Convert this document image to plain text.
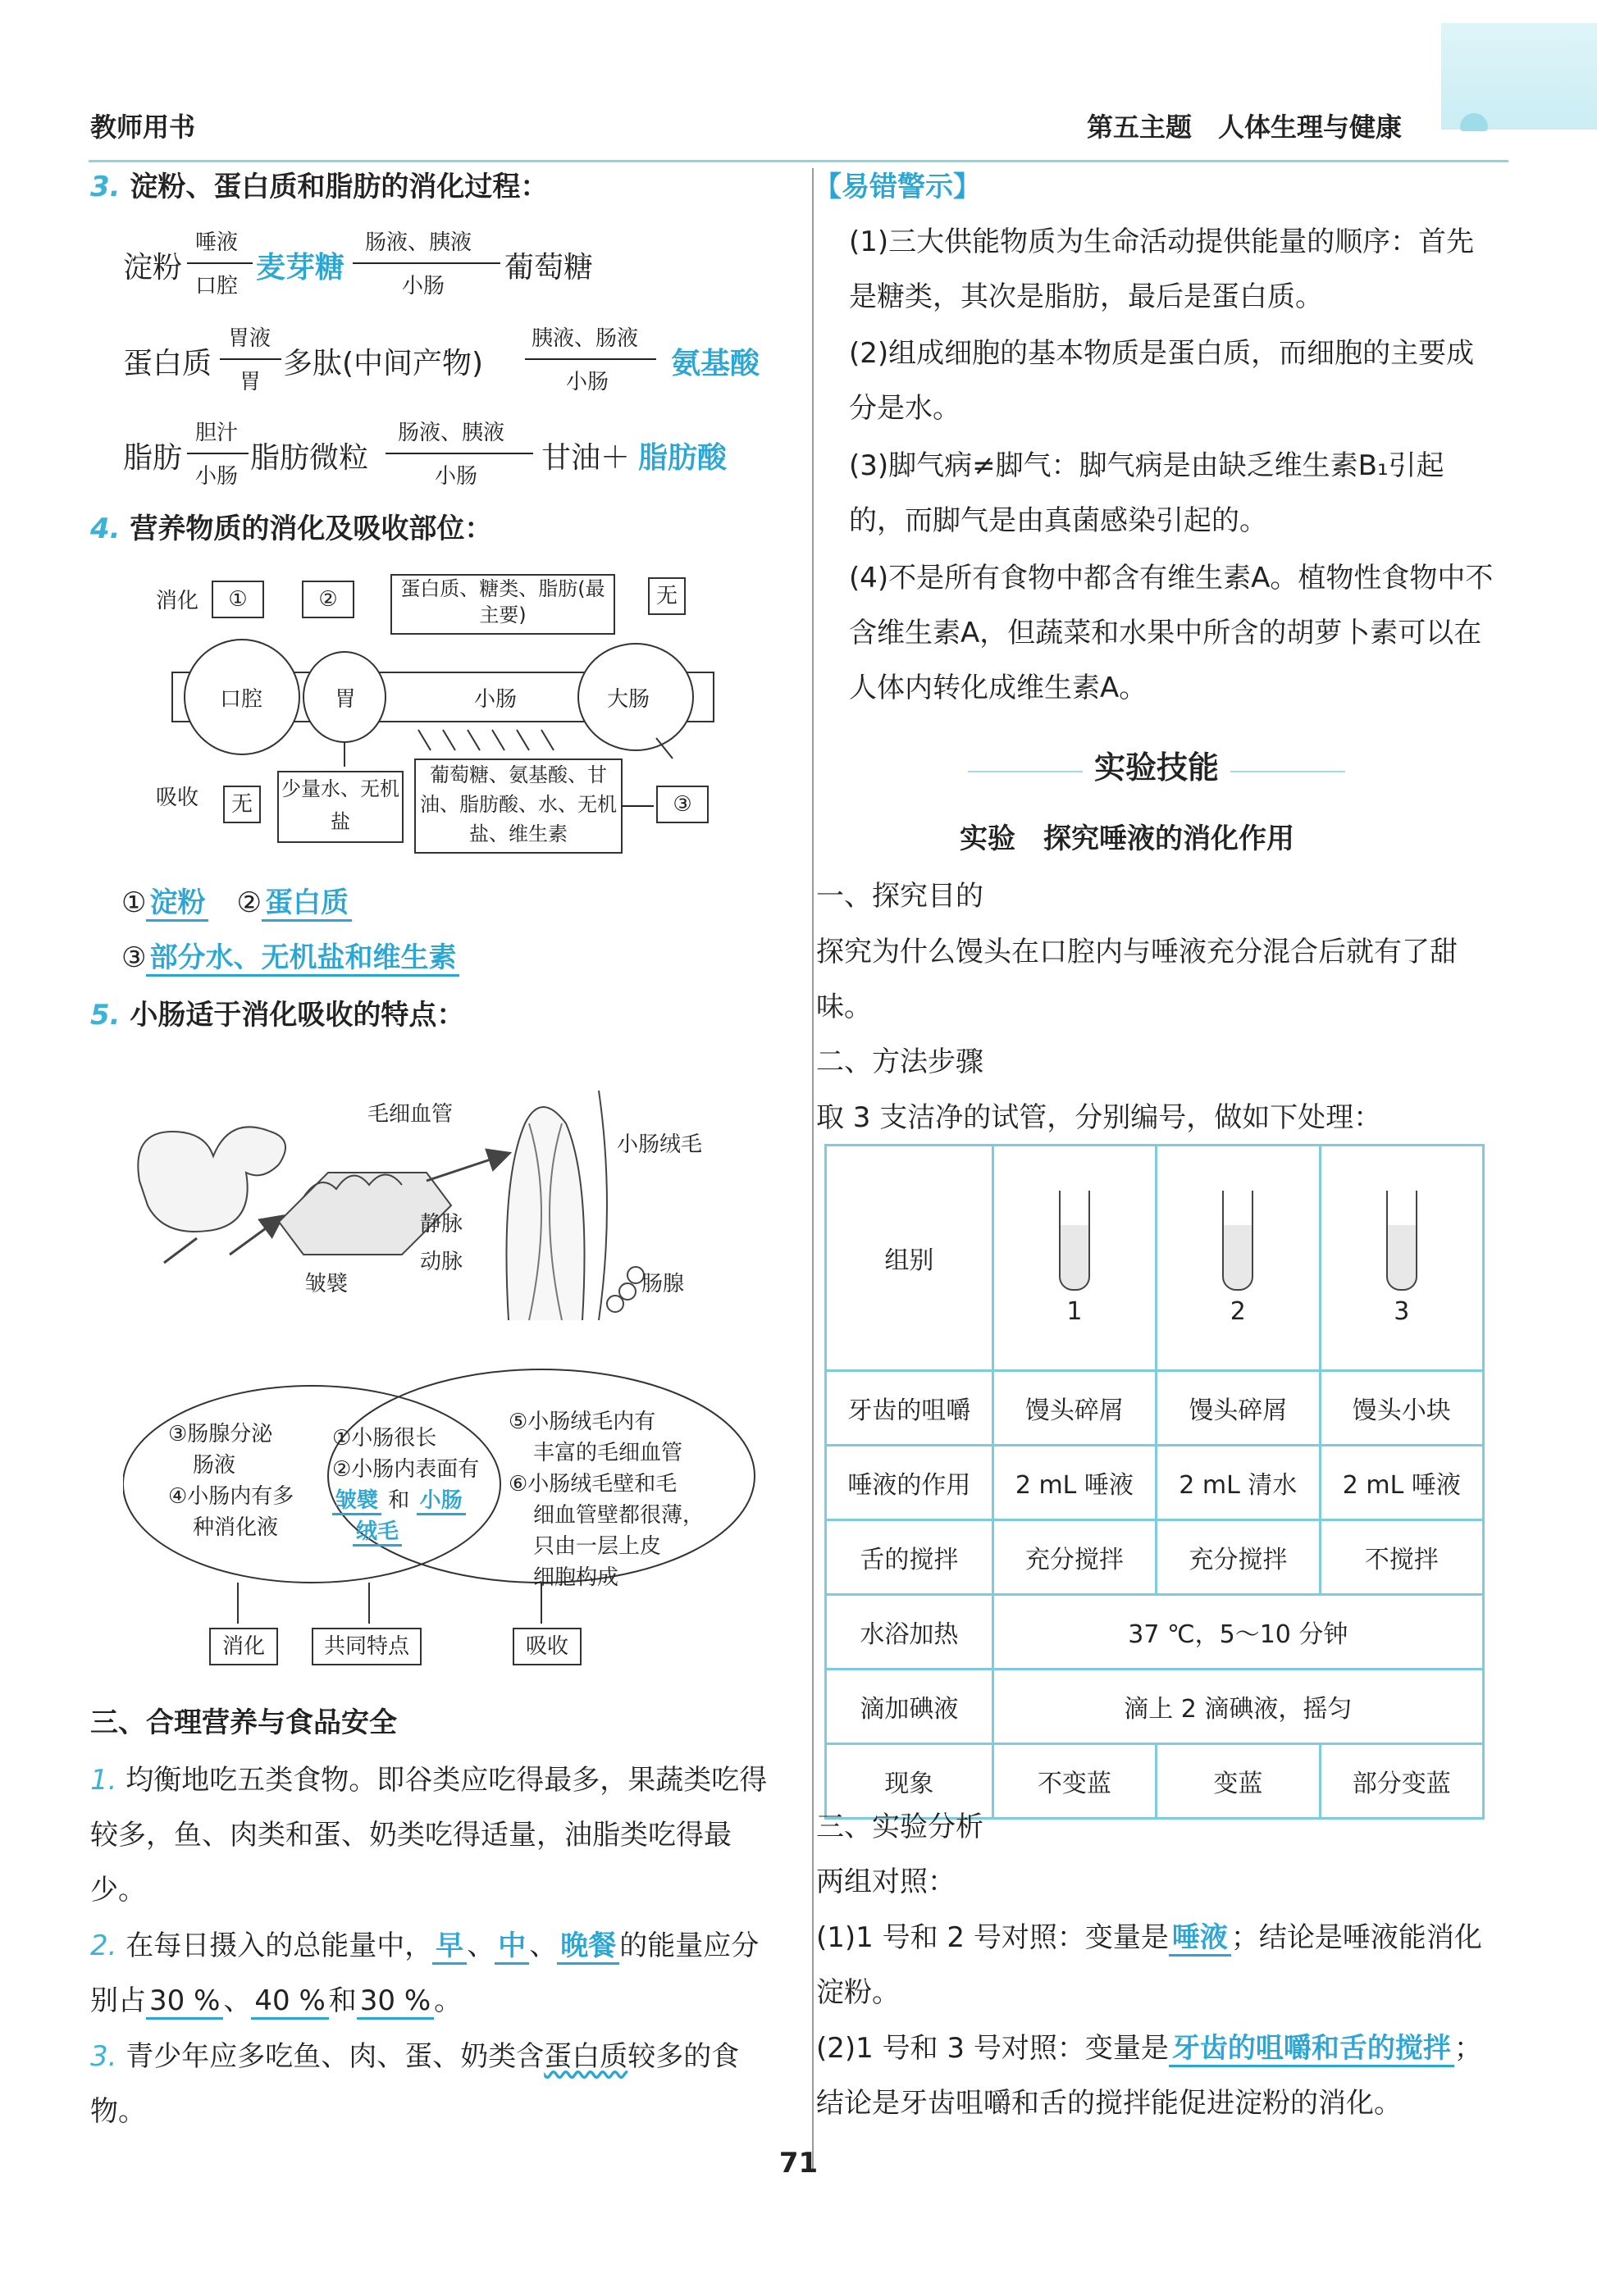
教师用书	第五主题　 人体生理与健康
3. 淀粉、蛋白质和脂肪的消化过程：
淀粉
唾液
口腔
麦芽糖
肠液、胰液
小肠
葡萄糖
蛋白质
胃液
胃
多肽(中间产物)
胰液、肠液
小肠
氨基酸
脂肪
胆汁
小肠
脂肪微粒
肠液、胰液
小肠
甘油＋ 脂肪酸
4. 营养物质的消化及吸收部位：
消化	①	②	蛋白质、糖类、脂肪(最主要)
无
口腔	胃	小肠	大肠
吸收	无
少量水、无机盐
葡萄糖、氨基酸、甘油、脂肪酸、水、无机盐、维生素
③
① 淀粉　 ② 蛋白质
③ 部分水、无机盐和维生素
5. 小肠适于消化吸收的特点：
毛细血管
小肠绒毛
静脉
动脉
皱襞	肠腺
③肠腺分泌
肠液
④小肠内有多
种消化液
①小肠很长
②小肠内表面有
皱襞 和 小肠
绒毛
⑤小肠绒毛内有
丰富的毛细血管
⑥小肠绒毛壁和毛
细血管壁都很薄，
只由一层上皮
细胞构成
消化	共同特点	吸收
三、合理营养与食品安全
1. 均衡地吃五类食物。即谷类应吃得最多，果蔬类吃得较多，鱼、肉类和蛋、奶类吃得适量，油脂类吃得最少。
2. 在每日摄入的总能量中， 早 、 中 、 晚餐 的能量应分别占 30 % 、 40 % 和 30 % 。
3. 青少年应多吃鱼、肉、蛋、奶类含蛋白质较多的食物。
【易错警示】
(1)三大供能物质为生命活动提供能量的顺序：首先是糖类，其次是脂肪，最后是蛋白质。
(2)组成细胞的基本物质是蛋白质，而细胞的主要成分是水。
(3)脚气病≠脚气：脚气病是由缺乏维生素B₁引起的，而脚气是由真菌感染引起的。
(4)不是所有食物中都含有维生素A。植物性食物中不含维生素A，但蔬菜和水果中所含的胡萝卜素可以在人体内转化成维生素A。
实验技能
实验　探究唾液的消化作用
一、探究目的
探究为什么馒头在口腔内与唾液充分混合后就有了甜味。
二、方法步骤
取 3 支洁净的试管，分别编号，做如下处理：
组别	1	2	3

牙齿的咀嚼	馒头碎屑	馒头碎屑	馒头小块
唾液的作用	2 mL 唾液	2 mL 清水	2 mL 唾液
舌的搅拌	充分搅拌	充分搅拌	不搅拌
水浴加热	37 ℃，5～10 分钟		
滴加碘液	滴上 2 滴碘液，摇匀		
现象	不变蓝	变蓝	部分变蓝
三、实验分析
两组对照：
(1)1 号和 2 号对照：变量是 唾液 ；结论是唾液能消化淀粉。
(2)1 号和 3 号对照：变量是 牙齿的咀嚼和舌的搅拌 ；结论是牙齿咀嚼和舌的搅拌能促进淀粉的消化。
71
